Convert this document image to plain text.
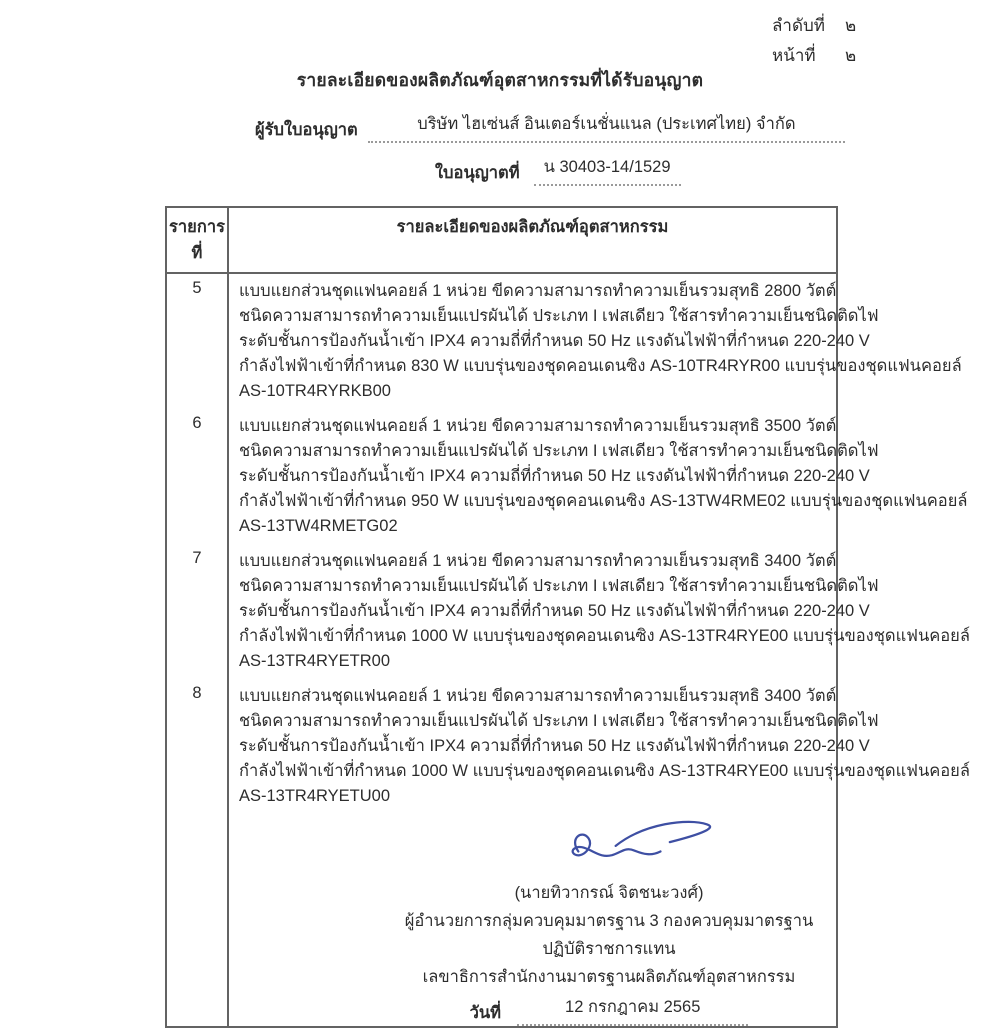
ลำดับที่ ๒
หน้าที่	๒
รายละเอียดของผลิตภัณฑ์อุตสาหกรรมที่ได้รับอนุญาต
ผู้รับใบอนุญาต	บริษัท ไฮเซ่นส์ อินเตอร์เนชั่นแนล (ประเทศไทย) จำกัด
ใบอนุญาตที่	น 30403-14/1529
รายการที่
รายละเอียดของผลิตภัณฑ์อุตสาหกรรม
5	แบบแยกส่วนชุดแฟนคอยล์ 1 หน่วย ขีดความสามารถทำความเย็นรวมสุทธิ 2800 วัตต์
ชนิดความสามารถทำความเย็นแปรผันได้ ประเภท I เฟสเดียว ใช้สารทำความเย็นชนิดติดไฟ
ระดับชั้นการป้องกันน้ำเข้า IPX4 ความถี่ที่กำหนด 50 Hz แรงดันไฟฟ้าที่กำหนด 220-240 V
กำลังไฟฟ้าเข้าที่กำหนด 830 W แบบรุ่นของชุดคอนเดนซิง AS-10TR4RYR00 แบบรุ่นของชุดแฟนคอยล์
AS-10TR4RYRKB00
6	แบบแยกส่วนชุดแฟนคอยล์ 1 หน่วย ขีดความสามารถทำความเย็นรวมสุทธิ 3500 วัตต์
ชนิดความสามารถทำความเย็นแปรผันได้ ประเภท I เฟสเดียว ใช้สารทำความเย็นชนิดติดไฟ
ระดับชั้นการป้องกันน้ำเข้า IPX4 ความถี่ที่กำหนด 50 Hz แรงดันไฟฟ้าที่กำหนด 220-240 V
กำลังไฟฟ้าเข้าที่กำหนด 950 W แบบรุ่นของชุดคอนเดนซิง AS-13TW4RME02 แบบรุ่นของชุดแฟนคอยล์
AS-13TW4RMETG02
7	แบบแยกส่วนชุดแฟนคอยล์ 1 หน่วย ขีดความสามารถทำความเย็นรวมสุทธิ 3400 วัตต์
ชนิดความสามารถทำความเย็นแปรผันได้ ประเภท I เฟสเดียว ใช้สารทำความเย็นชนิดติดไฟ
ระดับชั้นการป้องกันน้ำเข้า IPX4 ความถี่ที่กำหนด 50 Hz แรงดันไฟฟ้าที่กำหนด 220-240 V
กำลังไฟฟ้าเข้าที่กำหนด 1000 W แบบรุ่นของชุดคอนเดนซิง AS-13TR4RYE00 แบบรุ่นของชุดแฟนคอยล์
AS-13TR4RYETR00
8	แบบแยกส่วนชุดแฟนคอยล์ 1 หน่วย ขีดความสามารถทำความเย็นรวมสุทธิ 3400 วัตต์
ชนิดความสามารถทำความเย็นแปรผันได้ ประเภท I เฟสเดียว ใช้สารทำความเย็นชนิดติดไฟ
ระดับชั้นการป้องกันน้ำเข้า IPX4 ความถี่ที่กำหนด 50 Hz แรงดันไฟฟ้าที่กำหนด 220-240 V
กำลังไฟฟ้าเข้าที่กำหนด 1000 W แบบรุ่นของชุดคอนเดนซิง AS-13TR4RYE00 แบบรุ่นของชุดแฟนคอยล์
AS-13TR4RYETU00
(นายทิวากรณ์ จิตชนะวงศ์)
ผู้อำนวยการกลุ่มควบคุมมาตรฐาน 3 กองควบคุมมาตรฐาน
ปฏิบัติราชการแทน
เลขาธิการสำนักงานมาตรฐานผลิตภัณฑ์อุตสาหกรรม
วันที่	12 กรกฎาคม 2565
